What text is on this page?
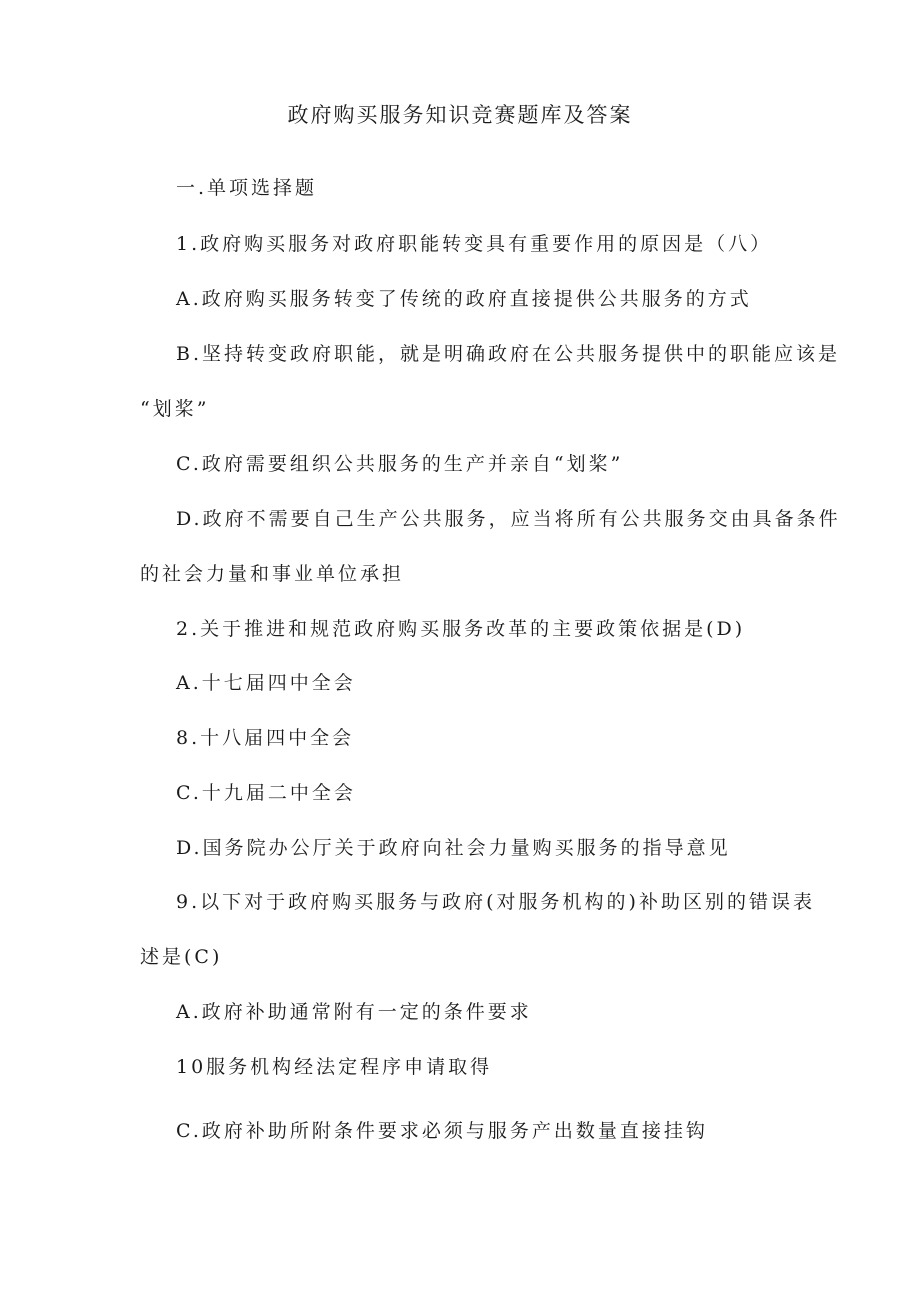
政府购买服务知识竞赛题库及答案
一.单项选择题
1.政府购买服务对政府职能转变具有重要作用的原因是（八）
A.政府购买服务转变了传统的政府直接提供公共服务的方式
B.坚持转变政府职能，就是明确政府在公共服务提供中的职能应该是
“划桨”
C.政府需要组织公共服务的生产并亲自“划桨”
D.政府不需要自己生产公共服务，应当将所有公共服务交由具备条件
的社会力量和事业单位承担
2.关于推进和规范政府购买服务改革的主要政策依据是(D)
A.十七届四中全会
8.十八届四中全会
C.十九届二中全会
D.国务院办公厅关于政府向社会力量购买服务的指导意见
9.以下对于政府购买服务与政府(对服务机构的)补助区别的错误表
述是(C)
A.政府补助通常附有一定的条件要求
10服务机构经法定程序申请取得
C.政府补助所附条件要求必须与服务产出数量直接挂钩
